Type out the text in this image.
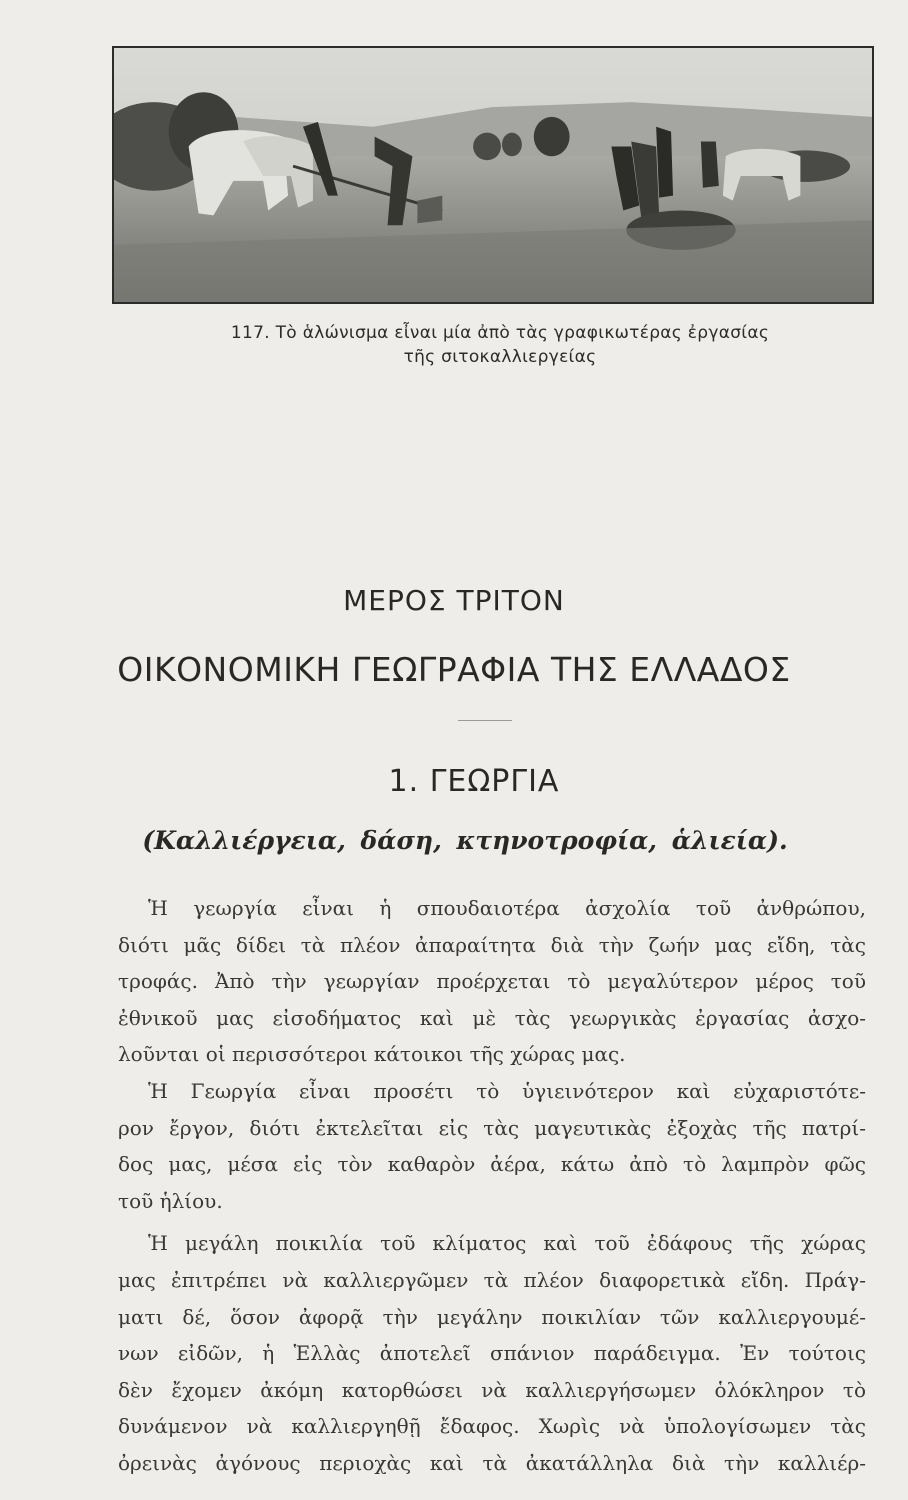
117. Τὸ ἁλώνισμα εἶναι μία ἀπὸ τὰς γραφικωτέρας ἐργασίας
τῆς σιτοκαλλιεργείας
ΜΕΡΟΣ ΤΡΙΤΟΝ
ΟΙΚΟΝΟΜΙΚΗ ΓΕΩΓΡΑΦΙΑ ΤΗΣ ΕΛΛΑΔΟΣ
1. ΓΕΩΡΓΙΑ
(Καλλιέργεια, δάση, κτηνοτροφία, ἁλιεία).
Ἡ γεωργία εἶναι ἡ σπουδαιοτέρα ἀσχολία τοῦ ἀνθρώπου,
διότι μᾶς δίδει τὰ πλέον ἀπαραίτητα διὰ τὴν ζωήν μας εἴδη, τὰς
τροφάς. Ἀπὸ τὴν γεωργίαν προέρχεται τὸ μεγαλύτερον μέρος τοῦ
ἐθνικοῦ μας εἰσοδήματος καὶ μὲ τὰς γεωργικὰς ἐργασίας ἀσχο-
λοῦνται οἱ περισσότεροι κάτοικοι τῆς χώρας μας.
Ἡ Γεωργία εἶναι προσέτι τὸ ὑγιεινότερον καὶ εὐχαριστότε-
ρον ἔργον, διότι ἐκτελεῖται εἰς τὰς μαγευτικὰς ἐξοχὰς τῆς πατρί-
δος μας, μέσα εἰς τὸν καθαρὸν ἀέρα, κάτω ἀπὸ τὸ λαμπρὸν φῶς
τοῦ ἡλίου.
Ἡ μεγάλη ποικιλία τοῦ κλίματος καὶ τοῦ ἐδάφους τῆς χώρας
μας ἐπιτρέπει νὰ καλλιεργῶμεν τὰ πλέον διαφορετικὰ εἴδη. Πράγ-
ματι δέ, ὅσον ἀφορᾷ τὴν μεγάλην ποικιλίαν τῶν καλλιεργουμέ-
νων εἰδῶν, ἡ Ἑλλὰς ἀποτελεῖ σπάνιον παράδειγμα. Ἐν τούτοις
δὲν ἔχομεν ἀκόμη κατορθώσει νὰ καλλιεργήσωμεν ὁλόκληρον τὸ
δυνάμενον νὰ καλλιεργηθῇ ἔδαφος. Χωρὶς νὰ ὑπολογίσωμεν τὰς
ὀρεινὰς ἀγόνους περιοχὰς καὶ τὰ ἀκατάλληλα διὰ τὴν καλλιέρ-
